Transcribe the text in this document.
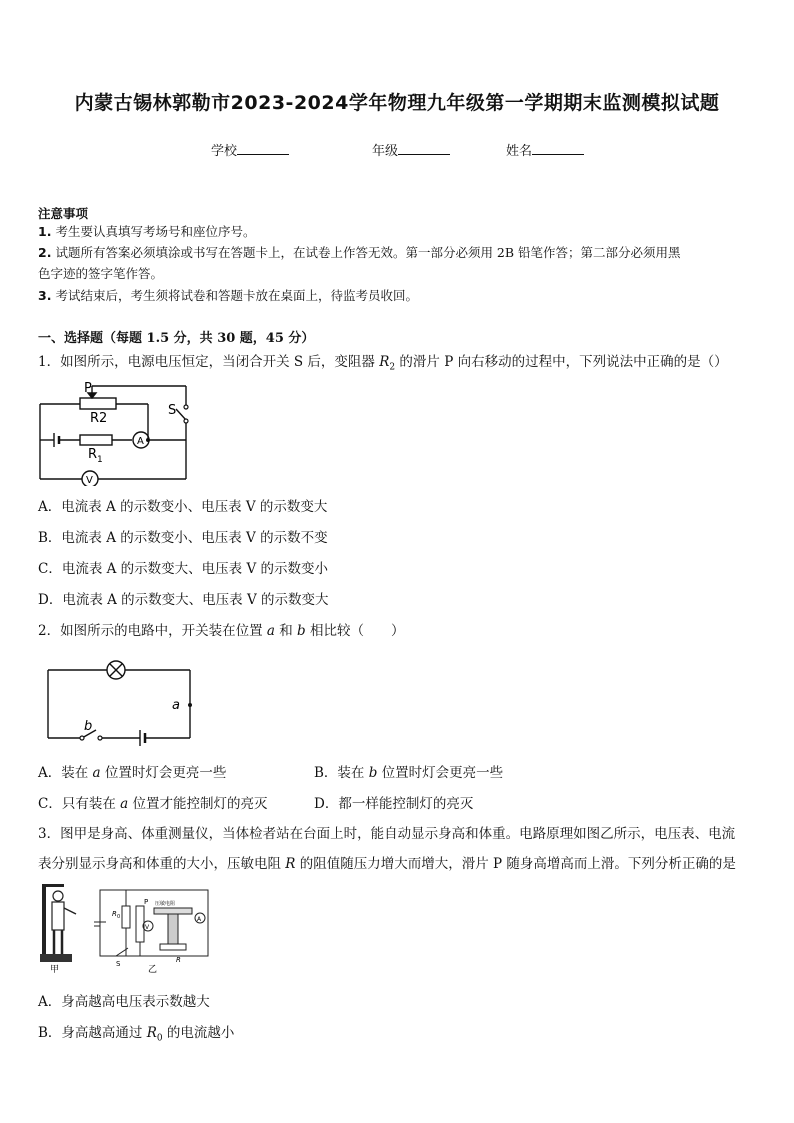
内蒙古锡林郭勒市2023-2024学年物理九年级第一学期期末监测模拟试题
学校	年级	姓名
注意事项
1. 考生要认真填写考场号和座位序号。
2. 试题所有答案必须填涂或书写在答题卡上，在试卷上作答无效。第一部分必须用 2B 铅笔作答；第二部分必须用黑
色字迹的签字笔作答。
3. 考试结束后，考生须将试卷和答题卡放在桌面上，待监考员收回。
一、选择题（每题 1.5 分，共 30 题，45 分）
1．如图所示，电源电压恒定，当闭合开关 S 后，变阻器 $R_2$ 的滑片 P 向右移动的过程中，下列说法中正确的是（）
P
R2
R 1
S
A
V
A．电流表 A 的示数变小、电压表 V 的示数变大
B．电流表 A 的示数变小、电压表 V 的示数不变
C．电流表 A 的示数变大、电压表 V 的示数变小
D．电流表 A 的示数变大、电压表 V 的示数变大
2．如图所示的电路中，开关装在位置 a 和 b 相比较（　　）
a
b
A．装在 a 位置时灯会更亮一些	B．装在 b 位置时灯会更亮一些
C．只有装在 a 位置才能控制灯的亮灭	D．都一样能控制灯的亮灭
3．图甲是身高、体重测量仪，当体检者站在台面上时，能自动显示身高和体重。电路原理如图乙所示，电压表、电流
表分别显示身高和体重的大小，压敏电阻 R 的阻值随压力增大而增大，滑片 P 随身高增高而上滑。下列分析正确的是
甲
R 0
P 压敏电阻
V
A
S	R
乙
A．身高越高电压表示数越大
B．身高越高通过 $R_0$ 的电流越小
